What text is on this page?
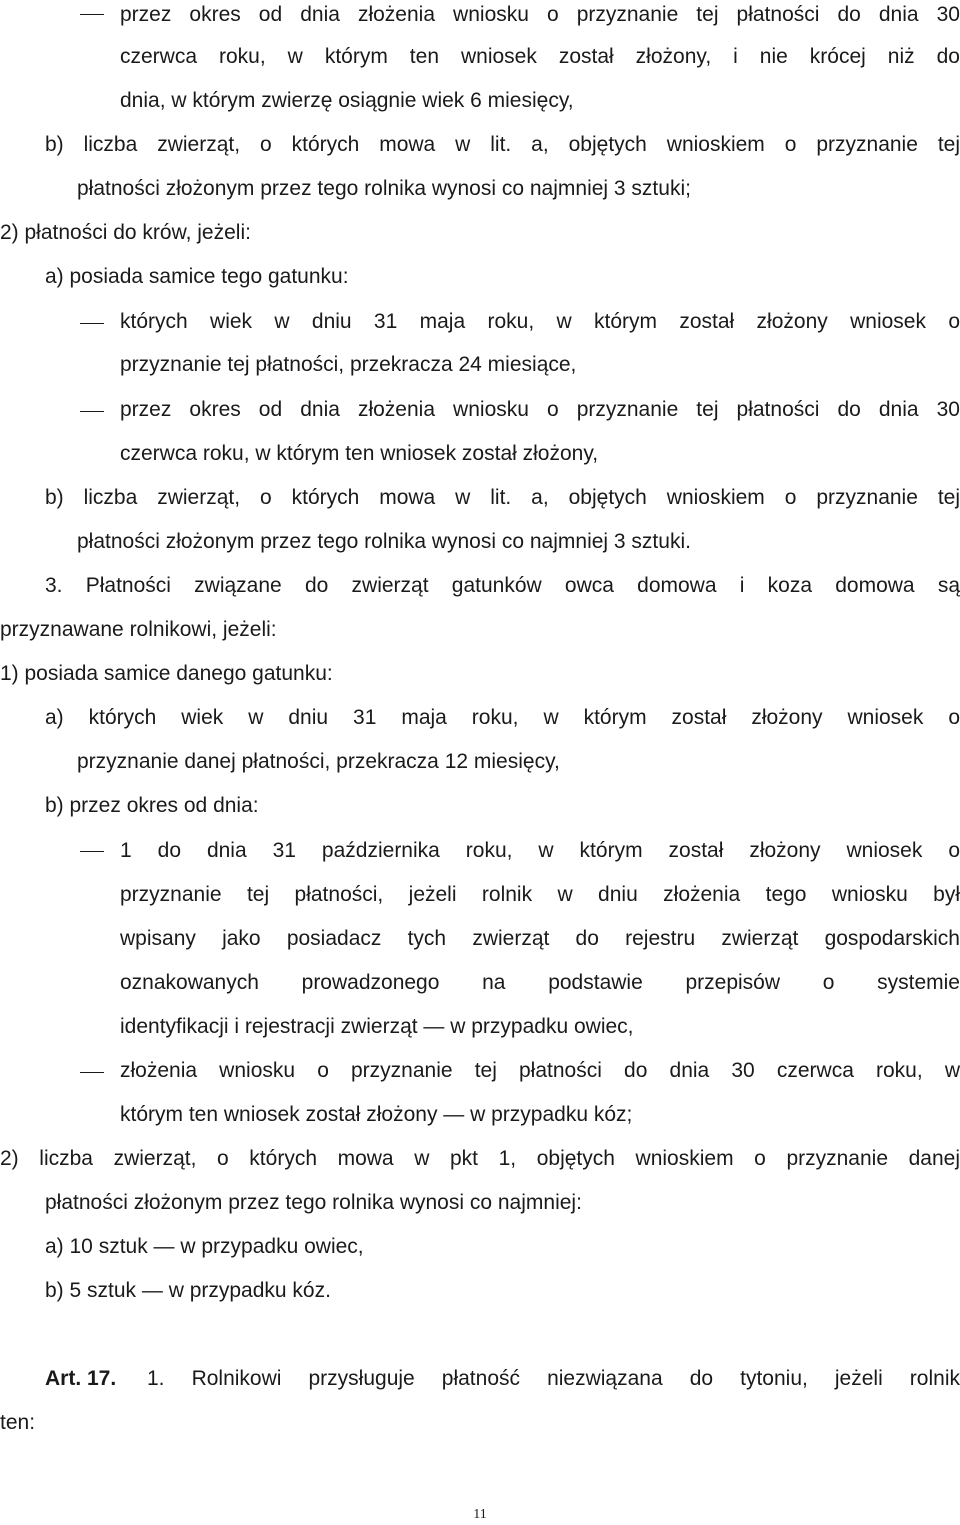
przez okres od dnia złożenia wniosku o przyznanie tej płatności do dnia 30
czerwca roku, w którym ten wniosek został złożony, i nie krócej niż do
dnia, w którym zwierzę osiągnie wiek 6 miesięcy,
b) liczba zwierząt, o których mowa w lit. a, objętych wnioskiem o przyznanie tej
płatności złożonym przez tego rolnika wynosi co najmniej 3 sztuki;
2) płatności do krów, jeżeli:
a) posiada samice tego gatunku:
których wiek w dniu 31 maja roku, w którym został złożony wniosek o
przyznanie tej płatności, przekracza 24 miesiące,
przez okres od dnia złożenia wniosku o przyznanie tej płatności do dnia 30
czerwca roku, w którym ten wniosek został złożony,
b) liczba zwierząt, o których mowa w lit. a, objętych wnioskiem o przyznanie tej
płatności złożonym przez tego rolnika wynosi co najmniej 3 sztuki.
3. Płatności związane do zwierząt gatunków owca domowa i koza domowa są
przyznawane rolnikowi, jeżeli:
1) posiada samice danego gatunku:
a) których wiek w dniu 31 maja roku, w którym został złożony wniosek o
przyznanie danej płatności, przekracza 12 miesięcy,
b) przez okres od dnia:
1 do dnia 31 października roku, w którym został złożony wniosek o
przyznanie tej płatności, jeżeli rolnik w dniu złożenia tego wniosku był
wpisany jako posiadacz tych zwierząt do rejestru zwierząt gospodarskich
oznakowanych prowadzonego na podstawie przepisów o systemie
identyfikacji i rejestracji zwierząt — w przypadku owiec,
złożenia wniosku o przyznanie tej płatności do dnia 30 czerwca roku, w
którym ten wniosek został złożony — w przypadku kóz;
2) liczba zwierząt, o których mowa w pkt 1, objętych wnioskiem o przyznanie danej
płatności złożonym przez tego rolnika wynosi co najmniej:
a) 10 sztuk — w przypadku owiec,
b) 5 sztuk — w przypadku kóz.
Art. 17. 1. Rolnikowi przysługuje płatność niezwiązana do tytoniu, jeżeli rolnik
ten:
11
